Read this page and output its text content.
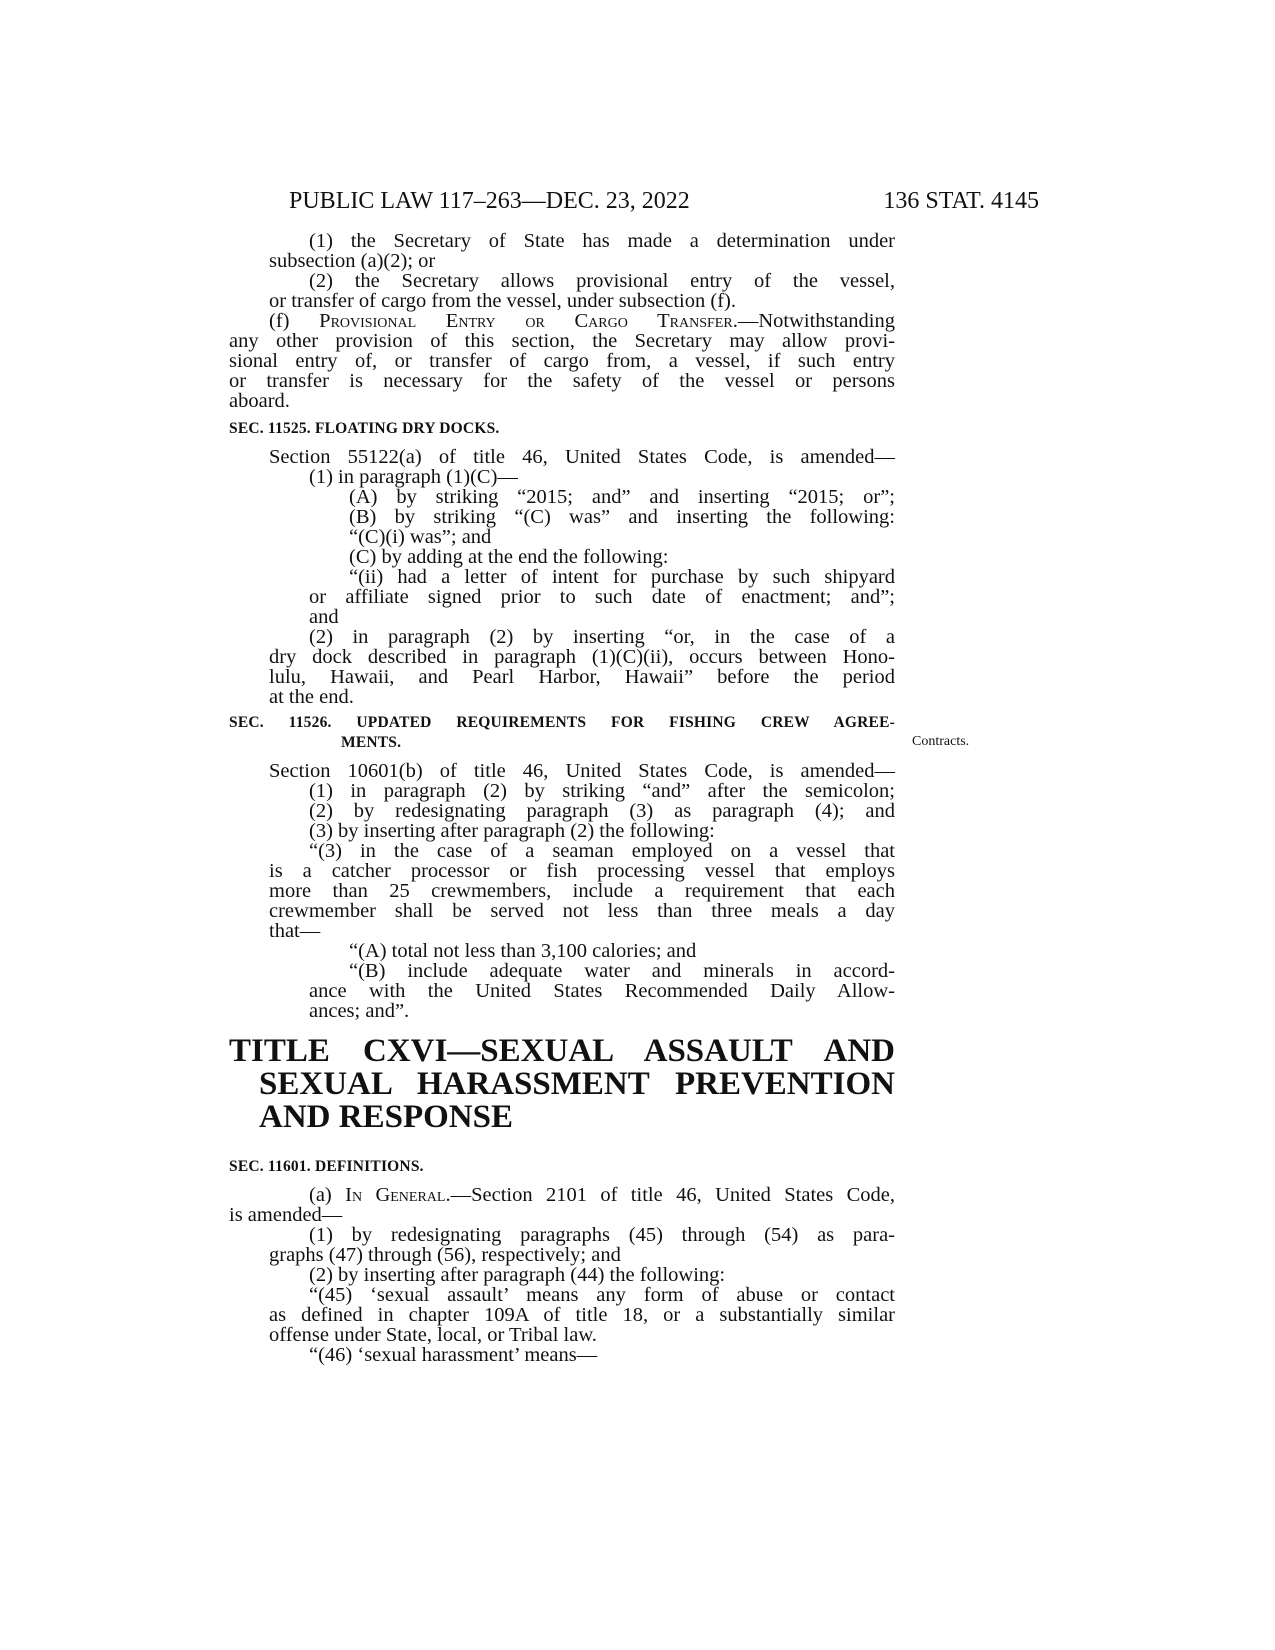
PUBLIC LAW 117–263—DEC. 23, 2022	136 STAT. 4145
Contracts.
(1) the Secretary of State has made a determination under
subsection (a)(2); or
(2) the Secretary allows provisional entry of the vessel,
or transfer of cargo from the vessel, under subsection (f).
(f) Provisional Entry or Cargo Transfer.—Notwithstanding
any other provision of this section, the Secretary may allow provi-
sional entry of, or transfer of cargo from, a vessel, if such entry
or transfer is necessary for the safety of the vessel or persons
aboard.
SEC. 11525. FLOATING DRY DOCKS.
Section 55122(a) of title 46, United States Code, is amended—
(1) in paragraph (1)(C)—
(A) by striking “2015; and” and inserting “2015; or”;
(B) by striking “(C) was” and inserting the following:
“(C)(i) was”; and
(C) by adding at the end the following:
“(ii) had a letter of intent for purchase by such shipyard
or affiliate signed prior to such date of enactment; and”;
and
(2) in paragraph (2) by inserting “or, in the case of a
dry dock described in paragraph (1)(C)(ii), occurs between Hono-
lulu, Hawaii, and Pearl Harbor, Hawaii” before the period
at the end.
SEC. 11526. UPDATED REQUIREMENTS FOR FISHING CREW AGREE-
MENTS.
Section 10601(b) of title 46, United States Code, is amended—
(1) in paragraph (2) by striking “and” after the semicolon;
(2) by redesignating paragraph (3) as paragraph (4); and
(3) by inserting after paragraph (2) the following:
“(3) in the case of a seaman employed on a vessel that
is a catcher processor or fish processing vessel that employs
more than 25 crewmembers, include a requirement that each
crewmember shall be served not less than three meals a day
that—
“(A) total not less than 3,100 calories; and
“(B) include adequate water and minerals in accord-
ance with the United States Recommended Daily Allow-
ances; and”.
TITLE CXVI—SEXUAL ASSAULT AND
SEXUAL HARASSMENT PREVENTION
AND RESPONSE
SEC. 11601. DEFINITIONS.
(a) In General.—Section 2101 of title 46, United States Code,
is amended—
(1) by redesignating paragraphs (45) through (54) as para-
graphs (47) through (56), respectively; and
(2) by inserting after paragraph (44) the following:
“(45) ‘sexual assault’ means any form of abuse or contact
as defined in chapter 109A of title 18, or a substantially similar
offense under State, local, or Tribal law.
“(46) ‘sexual harassment’ means—
